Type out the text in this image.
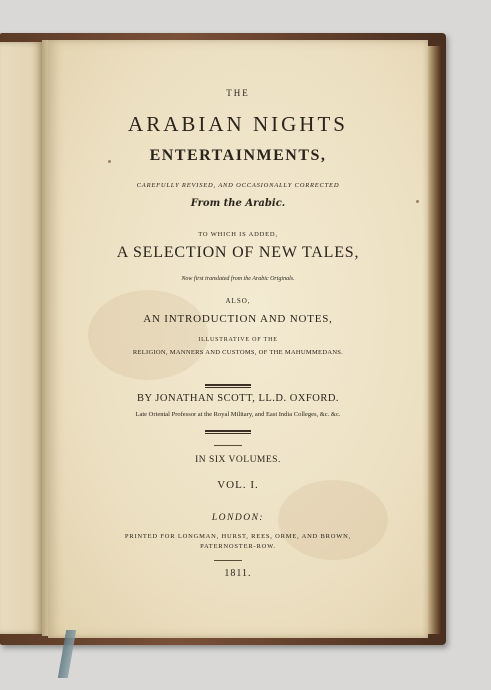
THE
ARABIAN NIGHTS
ENTERTAINMENTS,
CAREFULLY REVISED, AND OCCASIONALLY CORRECTED
From the Arabic.
TO WHICH IS ADDED,
A SELECTION OF NEW TALES,
Now first translated from the Arabic Originals.
ALSO,
AN INTRODUCTION AND NOTES,
ILLUSTRATIVE OF THE
RELIGION, MANNERS AND CUSTOMS, OF THE MAHUMMEDANS.
BY JONATHAN SCOTT, LL.D. OXFORD.
Late Oriental Professor at the Royal Military, and East India Colleges, &c. &c.
IN SIX VOLUMES.
VOL. I.
LONDON:
PRINTED FOR LONGMAN, HURST, REES, ORME, AND BROWN,
PATERNOSTER-ROW.
1811.
